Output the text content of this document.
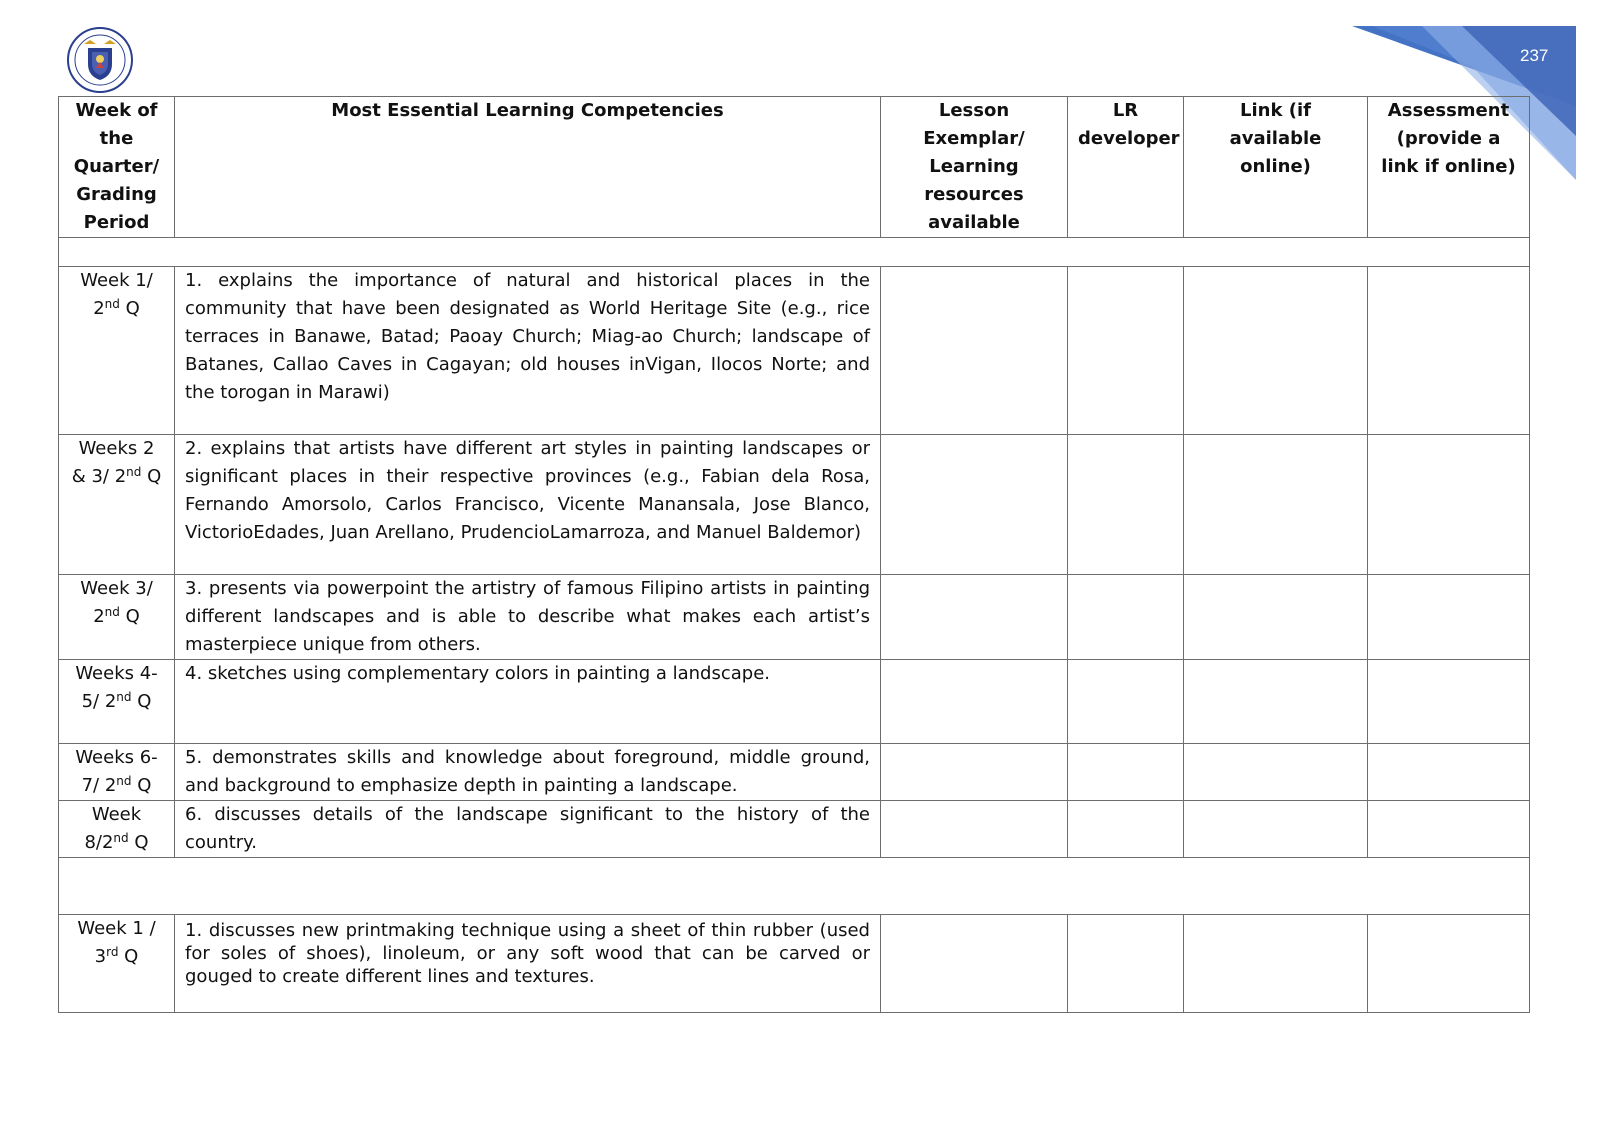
237
Week of the Quarter/ Grading Period	Most Essential Learning Competencies	Lesson Exemplar/ Learning resources available	LR developer	Link (if available online)	Assessment (provide a link if online)

Week 1/ 2nd Q	1. explains the importance of natural and historical places in the community that have been designated as World Heritage Site (e.g., rice terraces in Banawe, Batad; Paoay Church; Miag-ao Church; landscape of Batanes, Callao Caves in Cagayan; old houses inVigan, Ilocos Norte; and the torogan in Marawi)				
Weeks 2 & 3/ 2nd Q	2. explains that artists have different art styles in painting landscapes or significant places in their respective provinces (e.g., Fabian dela Rosa, Fernando Amorsolo, Carlos Francisco, Vicente Manansala, Jose Blanco, VictorioEdades, Juan Arellano, PrudencioLamarroza, and Manuel Baldemor)				
Week 3/ 2nd Q	3. presents via powerpoint the artistry of famous Filipino artists in painting different landscapes and is able to describe what makes each artist’s masterpiece unique from others.				
Weeks 4-5/ 2nd Q	4. sketches using complementary colors in painting a landscape.				
Weeks 6-7/ 2nd Q	5. demonstrates skills and knowledge about foreground, middle ground, and background to emphasize depth in painting a landscape.				
Week 8/2nd Q	6. discusses details of the landscape significant to the history of the country.				

Week 1 / 3rd Q	1. discusses new printmaking technique using a sheet of thin rubber (used for soles of shoes), linoleum, or any soft wood that can be carved or gouged to create different lines and textures.				
